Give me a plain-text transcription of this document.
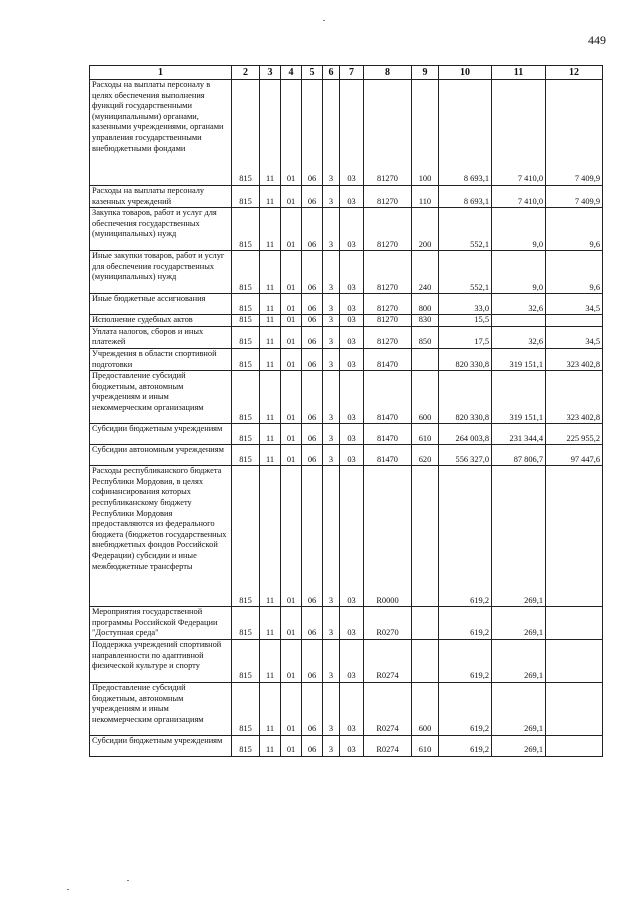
449
1	2	3	4	5	6	7	8	9	10	11	12
Расходы на выплаты персоналу в целях обеспечения выполнения функций государственными (муниципальными) органами, казенными учреждениями, органами управления государственными внебюджетными фондами	815	11	01	06	3	03	81270	100	8 693,1	7 410,0	7 409,9
Расходы на выплаты персоналу казенных учреждений	815	11	01	06	3	03	81270	110	8 693,1	7 410,0	7 409,9
Закупка товаров, работ и услуг для обеспечения государственных (муниципальных) нужд	815	11	01	06	3	03	81270	200	552,1	9,0	9,6
Иные закупки товаров, работ и услуг для обеспечения государственных (муниципальных) нужд	815	11	01	06	3	03	81270	240	552,1	9,0	9,6
Иные бюджетные ассигнования	815	11	01	06	3	03	81270	800	33,0	32,6	34,5
Исполнение судебных актов	815	11	01	06	3	03	81270	830	15,5		
Уплата налогов, сборов и иных платежей	815	11	01	06	3	03	81270	850	17,5	32,6	34,5
Учреждения в области спортивной подготовки	815	11	01	06	3	03	81470		820 330,8	319 151,1	323 402,8
Предоставление субсидий бюджетным, автономным учреждениям и иным некоммерческим организациям	815	11	01	06	3	03	81470	600	820 330,8	319 151,1	323 402,8
Субсидии бюджетным учреждениям	815	11	01	06	3	03	81470	610	264 003,8	231 344,4	225 955,2
Субсидии автономным учреждениям	815	11	01	06	3	03	81470	620	556 327,0	87 806,7	97 447,6
Расходы республиканского бюджета Республики Мордовия, в целях софинансирования которых республиканскому бюджету Республики Мордовия предоставляются из федерального бюджета (бюджетов государственных внебюджетных фондов Российской Федерации) субсидии и иные межбюджетные трансферты	815	11	01	06	3	03	R0000		619,2	269,1	
Мероприятия государственной программы Российской Федерации "Доступная среда"	815	11	01	06	3	03	R0270		619,2	269,1	
Поддержка учреждений спортивной направленности по адаптивной физической культуре и спорту	815	11	01	06	3	03	R0274		619,2	269,1	
Предоставление субсидий бюджетным, автономным учреждениям и иным некоммерческим организациям	815	11	01	06	3	03	R0274	600	619,2	269,1	
Субсидии бюджетным учреждениям	815	11	01	06	3	03	R0274	610	619,2	269,1	
